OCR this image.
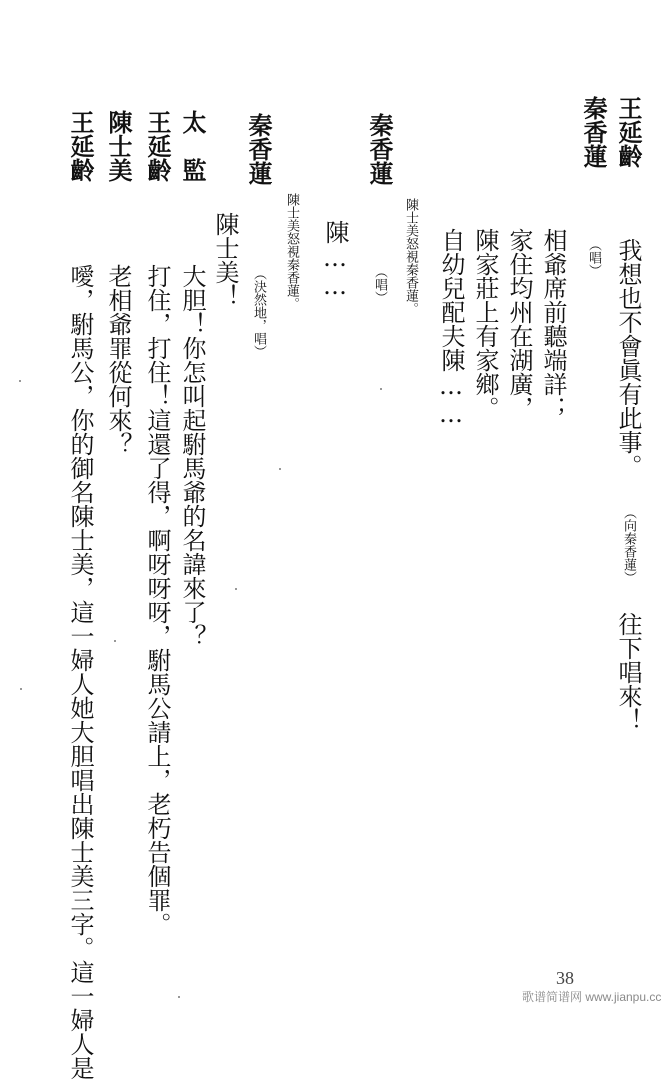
王延齡  我想也不會眞有此事。 （向秦香蓮） 往下唱來！
秦香蓮  （唱）
相爺席前聽端詳；
家住均州在湖廣，
陳家莊上有家鄉。
自幼兒配夫陳……
陳士美怒視秦香蓮。
秦香蓮  （唱）
陳……
陳士美怒視秦香蓮。
秦香蓮  （決然地，唱）
陳士美！
太　監  大胆！你怎叫起駙馬爺的名諱來了？
王延齡  打住，打住！這還了得，啊呀呀呀，駙馬公請上，老朽告個罪。
陳士美  老相爺罪從何來？
王延齡  噯，駙馬公，你的御名陳士美，這一婦人她大胆唱出陳士美三字。這一婦人是	38
歌谱简谱网 www.jianpu.cc
